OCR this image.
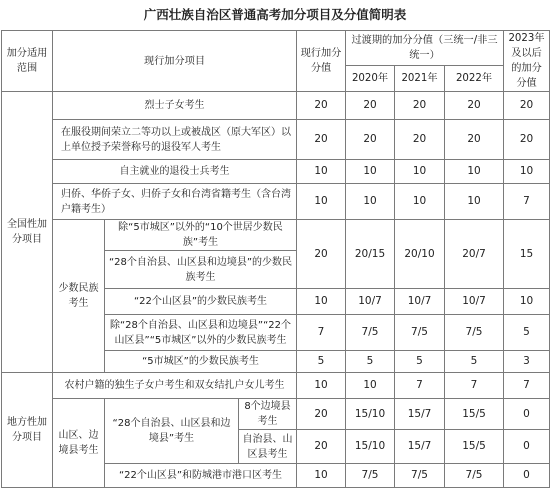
广西壮族自治区普通高考加分项目及分值简明表
加分适用范围	现行加分项目			现行加分分值	过渡期的加分分值（三统一/非三统一）			2023年及以后的加分分值
					2020年	2021年	2022年	
全国性加分项目	烈士子女考生			20	20	20	20	20
	在服役期间荣立二等功以上或被战区（原大军区）以上单位授予荣誉称号的退役军人考生			20	20	20	20	20
	自主就业的退役士兵考生			10	10	10	10	10
	归侨、华侨子女、归侨子女和台湾省籍考生（含台湾户籍考生）			10	10	10	10	7
	少数民族考生	除“5市城区”以外的“10个世居少数民族”考生		20	20/15	20/10	20/7	15
		“28个自治县、山区县和边境县”的少数民族考生						
		“22个山区县”的少数民族考生		10	10/7	10/7	10/7	10
		除“28个自治县、山区县和边境县”“22个山区县”“5市城区”以外的少数民族考生		7	7/5	7/5	7/5	5
		“5市城区”的少数民族考生		5	5	5	5	3
地方性加分项目	农村户籍的独生子女户考生和双女结扎户女儿考生			10	10	7	7	7
	山区、边境县考生	“28个自治县、山区县和边境县”考生	8个边境县考生	20	15/10	15/7	15/5	0
			自治县、山区县考生	20	15/10	15/7	15/5	0
		“22个山区县”和防城港市港口区考生		10	7/5	7/5	7/5	0
